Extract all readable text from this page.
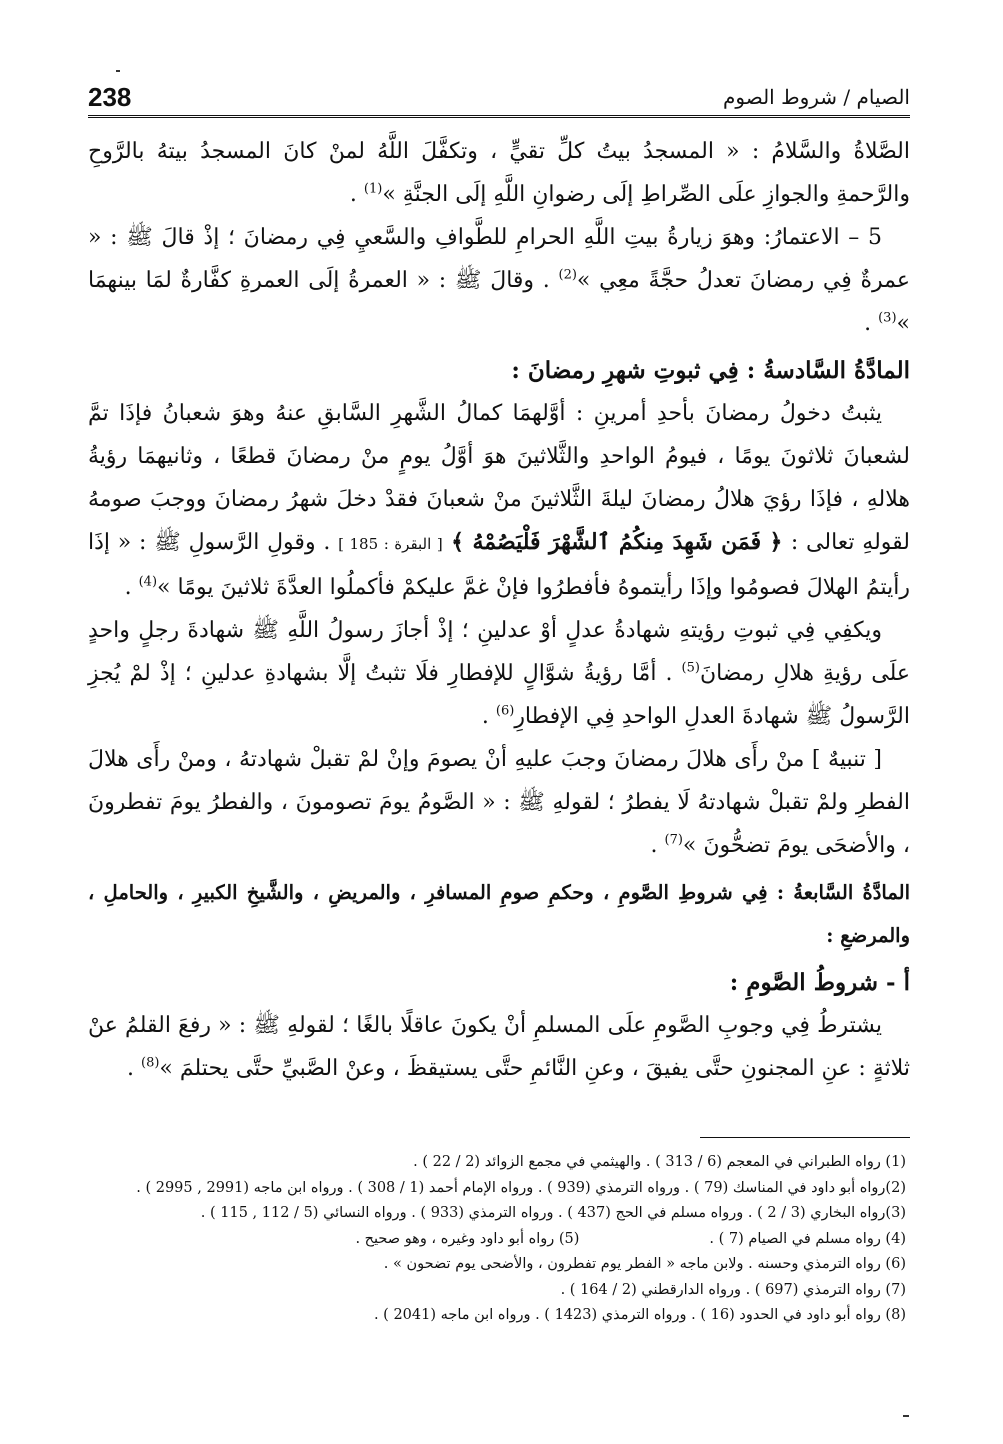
238	الصيام / شروط الصوم

الصَّلاةُ والسَّلامُ : « المسجدُ بيتُ كلِّ تقيٍّ ، وتكفَّلَ اللَّهُ لمنْ كانَ المسجدُ بيتهُ بالرَّوحِ والرَّحمةِ والجوازِ علَى الصِّراطِ إلَى رضوانِ اللَّهِ إلَى الجنَّةِ »$^{(1)}$ .

5 – الاعتمارُ: وهوَ زيارةُ بيتِ اللَّهِ الحرامِ للطَّوافِ والسَّعيِ فِي رمضانَ ؛ إذْ قالَ ﷺ : « عمرةٌ فِي رمضانَ تعدلُ حجَّةً معِي »$^{(2)}$ . وقالَ ﷺ : « العمرةُ إلَى العمرةِ كفَّارةٌ لمَا بينهمَا »$^{(3)}$ .

المادَّةُ السَّادسةُ : فِي ثبوتِ شهرِ رمضانَ :

يثبتُ دخولُ رمضانَ بأحدِ أمرينِ : أوَّلهمَا كمالُ الشَّهرِ السَّابقِ عنهُ وهوَ شعبانُ فإذَا تمَّ لشعبانَ ثلاثونَ يومًا ، فيومُ الواحدِ والثَّلاثينَ هوَ أوَّلُ يومٍ منْ رمضانَ قطعًا ، وثانيهمَا رؤيةُ هلالهِ ، فإذَا رؤيَ هلالُ رمضانَ ليلةَ الثَّلاثينَ منْ شعبانَ فقدْ دخلَ شهرُ رمضانَ ووجبَ صومهُ لقولهِ تعالى : ﴿ فَمَن شَهِدَ مِنكُمُ ٱلشَّهْرَ فَلْيَصُمْهُ ﴾ [ البقرة : 185 ] . وقولِ الرَّسولِ ﷺ : « إذَا رأيتمُ الهلالَ فصومُوا وإذَا رأيتموهُ فأفطرُوا فإنْ غمَّ عليكمْ فأكملُوا العدَّةَ ثلاثينَ يومًا »$^{(4)}$ .

ويكفِي فِي ثبوتِ رؤيتهِ شهادةُ عدلٍ أوْ عدلينِ ؛ إذْ أجازَ رسولُ اللَّهِ ﷺ شهادةَ رجلٍ واحدٍ علَى رؤيةِ هلالِ رمضانَ$^{(5)}$ . أمَّا رؤيةُ شوَّالٍ للإفطارِ فلَا تثبتُ إلَّا بشهادةِ عدلينِ ؛ إذْ لمْ يُجزِ الرَّسولُ ﷺ شهادةَ العدلِ الواحدِ فِي الإفطارِ$^{(6)}$ .

[ تنبيهٌ ] منْ رأَى هلالَ رمضانَ وجبَ عليهِ أنْ يصومَ وإنْ لمْ تقبلْ شهادتهُ ، ومنْ رأَى هلالَ الفطرِ ولمْ تقبلْ شهادتهُ لَا يفطرُ ؛ لقولهِ ﷺ : « الصَّومُ يومَ تصومونَ ، والفطرُ يومَ تفطرونَ ، والأضحَى يومَ تضحُّونَ »$^{(7)}$ .

المادَّةُ السَّابعةُ : فِي شروطِ الصَّومِ ، وحكمِ صومِ المسافرِ ، والمريضِ ، والشَّيخِ الكبيرِ ، والحاملِ ، والمرضعِ :

أ - شروطُ الصَّومِ :

يشترطُ فِي وجوبِ الصَّومِ علَى المسلمِ أنْ يكونَ عاقلًا بالغًا ؛ لقولهِ ﷺ : « رفعَ القلمُ عنْ ثلاثةٍ : عنِ المجنونِ حتَّى يفيقَ ، وعنِ النَّائمِ حتَّى يستيقظَ ، وعنْ الصَّبيِّ حتَّى يحتلمَ »$^{(8)}$ .

(1) رواه الطبراني في المعجم (6 / 313 ) . والهيثمي في مجمع الزوائد (2 / 22 ) .

(2)رواه أبو داود في المناسك (79 ) . ورواه الترمذي (939 ) . ورواه الإمام أحمد (1 / 308 ) . ورواه ابن ماجه (2991 , 2995 ) .

(3)رواه البخاري (3 / 2 ) . ورواه مسلم في الحج (437 ) . ورواه الترمذي (933 ) . ورواه النسائي (5 / 112 , 115 ) .

(4) رواه مسلم في الصيام (7 ) .
(5) رواه أبو داود وغيره ، وهو صحيح .

(6) رواه الترمذي وحسنه . ولابن ماجه « الفطر يوم تفطرون ، والأضحى يوم تضحون » .

(7) رواه الترمذي (697 ) . ورواه الدارقطني (2 / 164 ) .

(8) رواه أبو داود في الحدود (16 ) . ورواه الترمذي (1423 ) . ورواه ابن ماجه (2041 ) .
